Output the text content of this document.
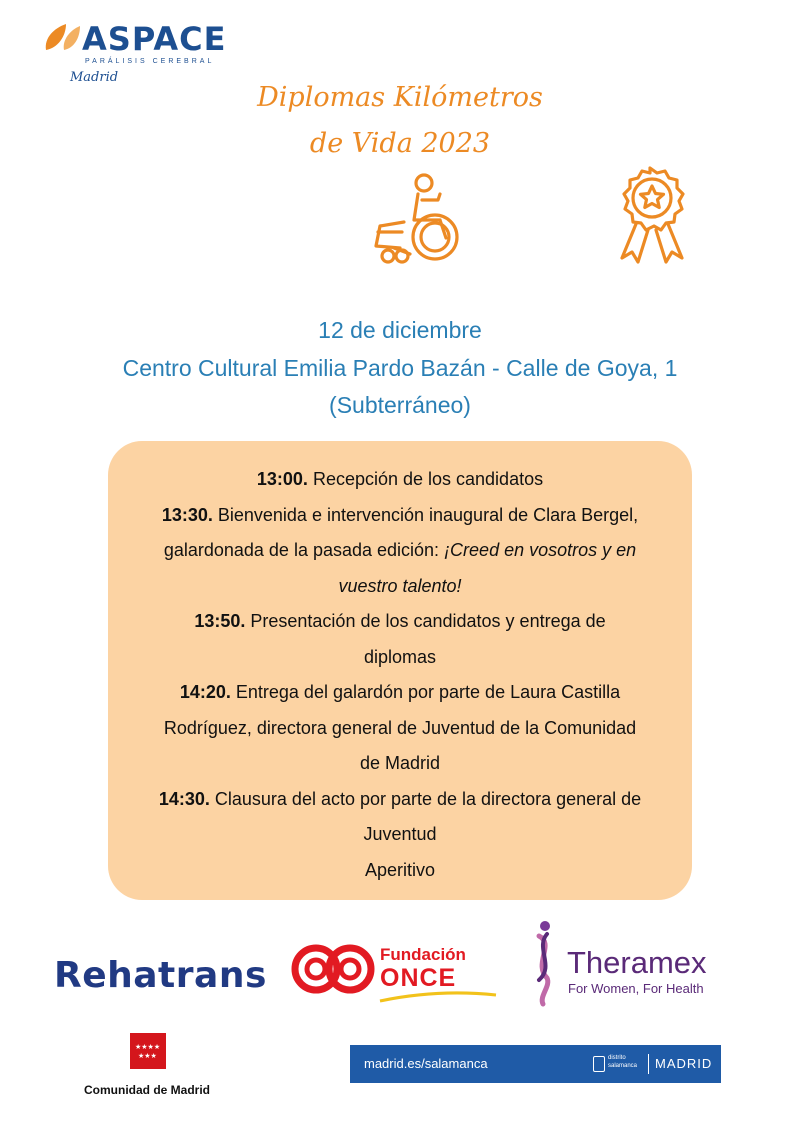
ASPACE
PARÁLISIS CEREBRAL
Madrid
Diplomas Kilómetros
de Vida 2023
12 de diciembre
Centro Cultural Emilia Pardo Bazán - Calle de Goya, 1
(Subterráneo)
13:00. Recepción de los candidatos
13:30. Bienvenida e intervención inaugural de Clara Bergel,
galardonada de la pasada edición: ¡Creed en vosotros y en
vuestro talento!
13:50. Presentación de los candidatos y entrega de
diplomas
14:20. Entrega del galardón por parte de Laura Castilla
Rodríguez, directora general de Juventud de la Comunidad
de Madrid
14:30. Clausura del acto por parte de la directora general de
Juventud
Aperitivo
Rehatrans
Fundación
ONCE	Theramex
For Women, For Health
★★★★
★★★
Comunidad de Madrid
madrid.es/salamanca	distrito
salamanca MADRID
